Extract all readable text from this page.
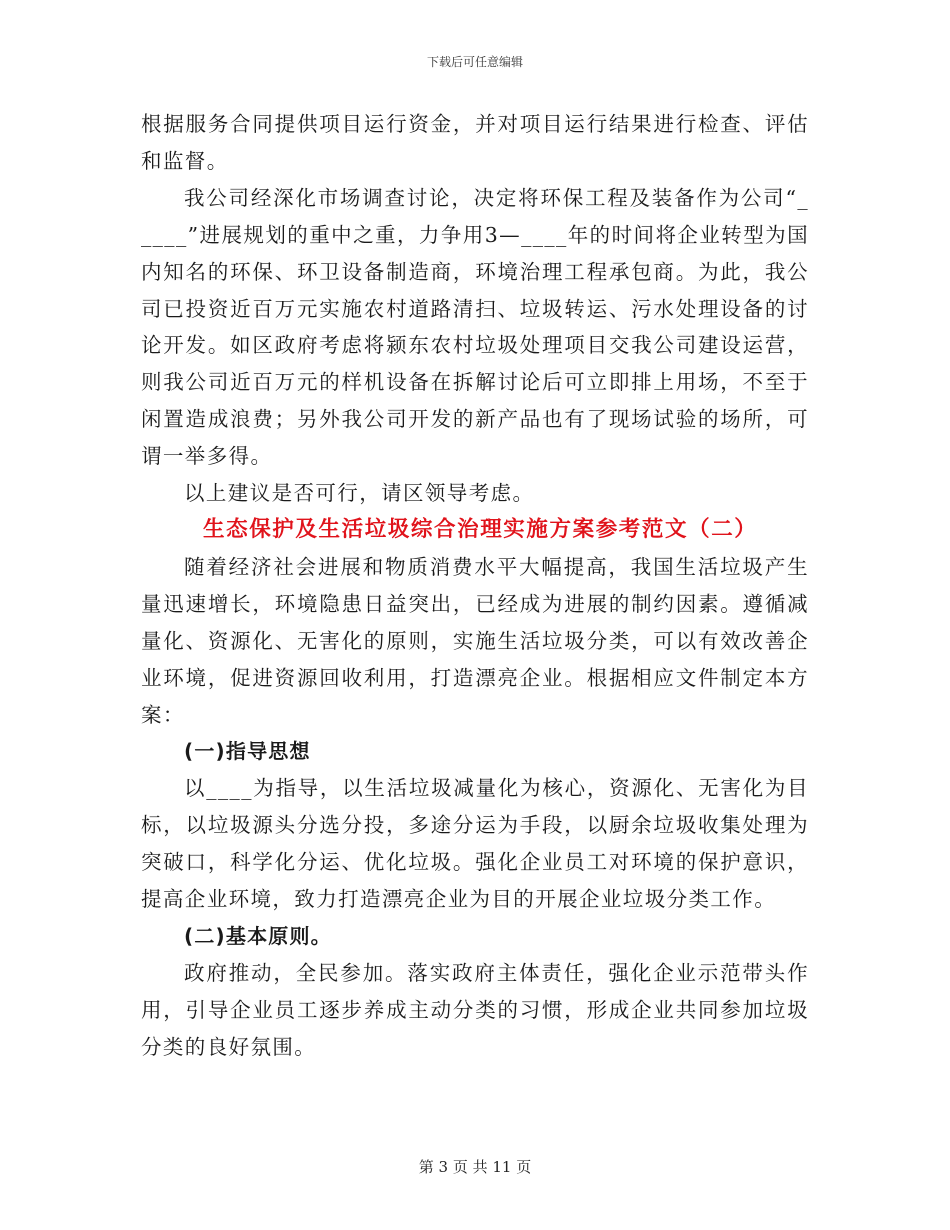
下载后可任意编辑

根据服务合同提供项目运行资金，并对项目运行结果进行检查、评估和监督。

我公司经深化市场调查讨论，决定将环保工程及装备作为公司“_____”进展规划的重中之重，力争用3—____年的时间将企业转型为国内知名的环保、环卫设备制造商，环境治理工程承包商。为此，我公司已投资近百万元实施农村道路清扫、垃圾转运、污水处理设备的讨论开发。如区政府考虑将颍东农村垃圾处理项目交我公司建设运营，则我公司近百万元的样机设备在拆解讨论后可立即排上用场，不至于闲置造成浪费；另外我公司开发的新产品也有了现场试验的场所，可谓一举多得。

以上建议是否可行，请区领导考虑。

生态保护及生活垃圾综合治理实施方案参考范文（二）

随着经济社会进展和物质消费水平大幅提高，我国生活垃圾产生量迅速增长，环境隐患日益突出，已经成为进展的制约因素。遵循减量化、资源化、无害化的原则，实施生活垃圾分类，可以有效改善企业环境，促进资源回收利用，打造漂亮企业。根据相应文件制定本方案：

(一)指导思想

以____为指导，以生活垃圾减量化为核心，资源化、无害化为目标，以垃圾源头分选分投，多途分运为手段，以厨余垃圾收集处理为突破口，科学化分运、优化垃圾。强化企业员工对环境的保护意识，提高企业环境，致力打造漂亮企业为目的开展企业垃圾分类工作。

(二)基本原则。

政府推动，全民参加。落实政府主体责任，强化企业示范带头作用，引导企业员工逐步养成主动分类的习惯，形成企业共同参加垃圾分类的良好氛围。

第 3 页 共 11 页
